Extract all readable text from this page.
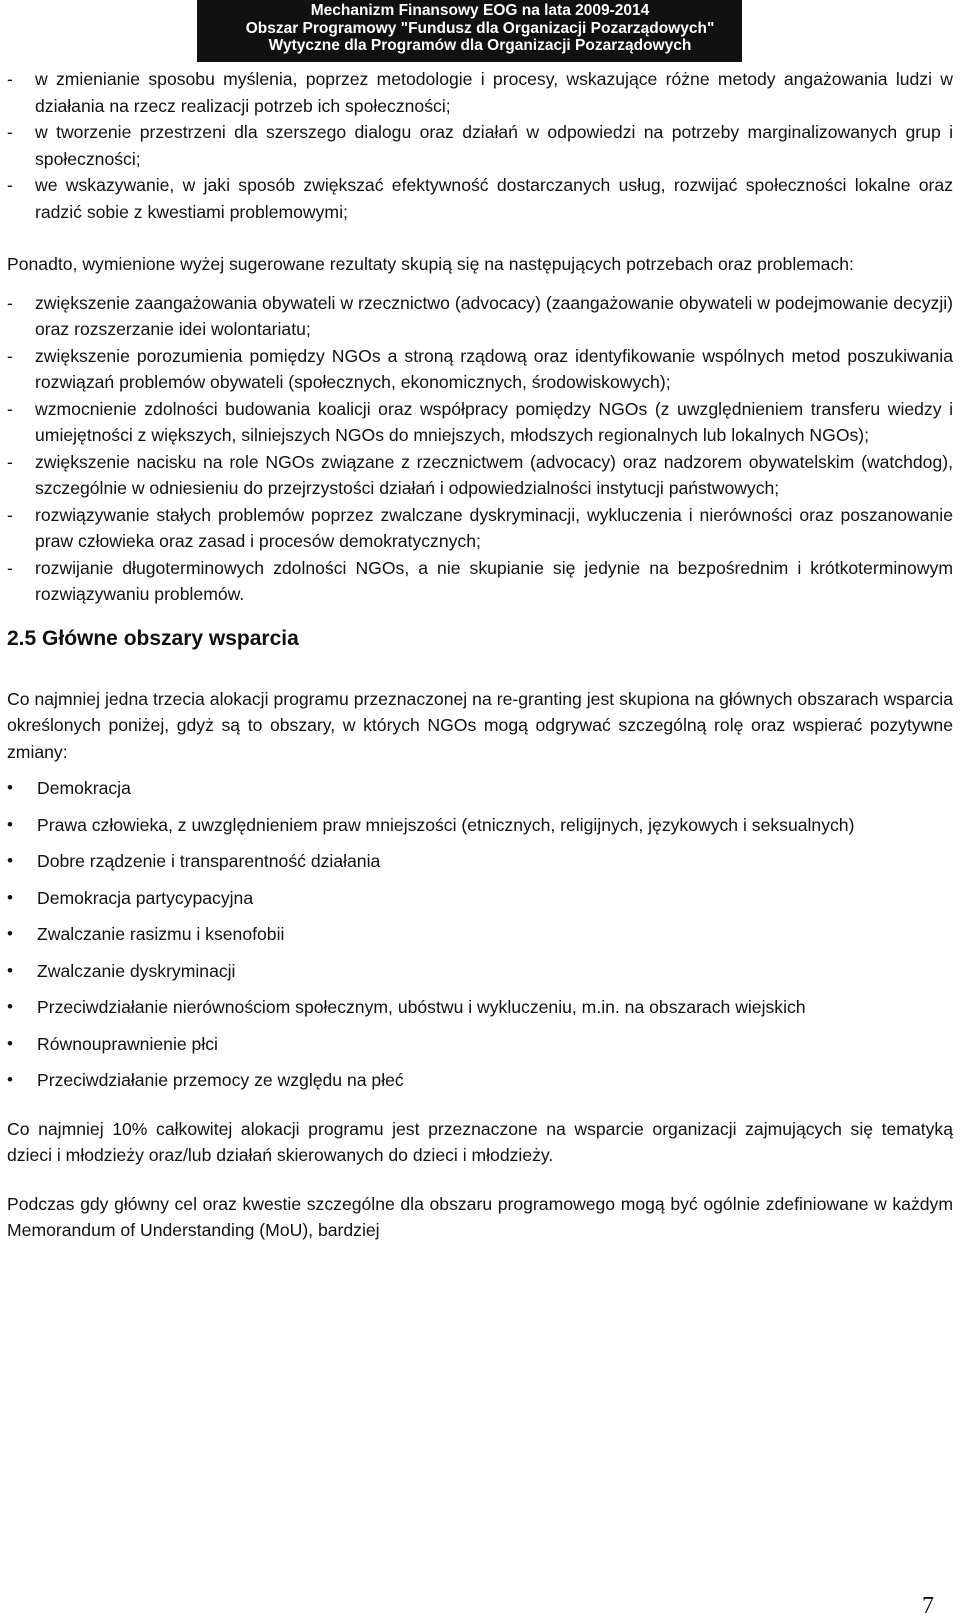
Mechanizm Finansowy EOG na lata 2009-2014
Obszar Programowy "Fundusz dla Organizacji Pozarządowych"
Wytyczne dla Programów dla Organizacji Pozarządowych
-	w zmienianie sposobu myślenia, poprzez metodologie i procesy, wskazujące różne metody angażowania ludzi w działania na rzecz realizacji potrzeb ich społeczności;
-	w tworzenie przestrzeni dla szerszego dialogu oraz działań w odpowiedzi na potrzeby marginalizowanych grup i społeczności;
-	we wskazywanie, w jaki sposób zwiększać efektywność dostarczanych usług, rozwijać społeczności lokalne oraz radzić sobie z kwestiami problemowymi;

Ponadto, wymienione wyżej sugerowane rezultaty skupią się na następujących potrzebach oraz problemach:

-	zwiększenie zaangażowania obywateli w rzecznictwo (advocacy) (zaangażowanie obywateli w podejmowanie decyzji) oraz rozszerzanie idei wolontariatu;
-	zwiększenie porozumienia pomiędzy NGOs a stroną rządową oraz identyfikowanie wspólnych metod poszukiwania rozwiązań problemów obywateli (społecznych, ekonomicznych, środowiskowych);
-	wzmocnienie zdolności budowania koalicji oraz współpracy pomiędzy NGOs (z uwzględnieniem transferu wiedzy i umiejętności z większych, silniejszych NGOs do mniejszych, młodszych regionalnych lub lokalnych NGOs);
-	zwiększenie nacisku na role NGOs związane z rzecznictwem (advocacy) oraz nadzorem obywatelskim (watchdog), szczególnie w odniesieniu do przejrzystości działań i odpowiedzialności instytucji państwowych;
-	rozwiązywanie stałych problemów poprzez zwalczane dyskryminacji, wykluczenia i nierówności oraz poszanowanie praw człowieka oraz zasad i procesów demokratycznych;
-	rozwijanie długoterminowych zdolności NGOs, a nie skupianie się jedynie na bezpośrednim i krótkoterminowym rozwiązywaniu problemów.
2.5 Główne obszary wsparcia

Co najmniej jedna trzecia alokacji programu przeznaczonej na re-granting jest skupiona na głównych obszarach wsparcia określonych poniżej, gdyż są to obszary, w których NGOs mogą odgrywać szczególną rolę oraz wspierać pozytywne zmiany:

•	Demokracja
•	Prawa człowieka, z uwzględnieniem praw mniejszości (etnicznych, religijnych, językowych i seksualnych)
•	Dobre rządzenie i transparentność działania
•	Demokracja partycypacyjna
•	Zwalczanie rasizmu i ksenofobii
•	Zwalczanie dyskryminacji
•	Przeciwdziałanie nierównościom społecznym, ubóstwu i wykluczeniu, m.in. na obszarach wiejskich
•	Równouprawnienie płci
•	Przeciwdziałanie przemocy ze względu na płeć

Co najmniej 10% całkowitej alokacji programu jest przeznaczone na wsparcie organizacji zajmujących się tematyką dzieci i młodzieży oraz/lub działań skierowanych do dzieci i młodzieży.

Podczas gdy główny cel oraz kwestie szczególne dla obszaru programowego mogą być ogólnie zdefiniowane w każdym Memorandum of Understanding (MoU), bardziej

7
